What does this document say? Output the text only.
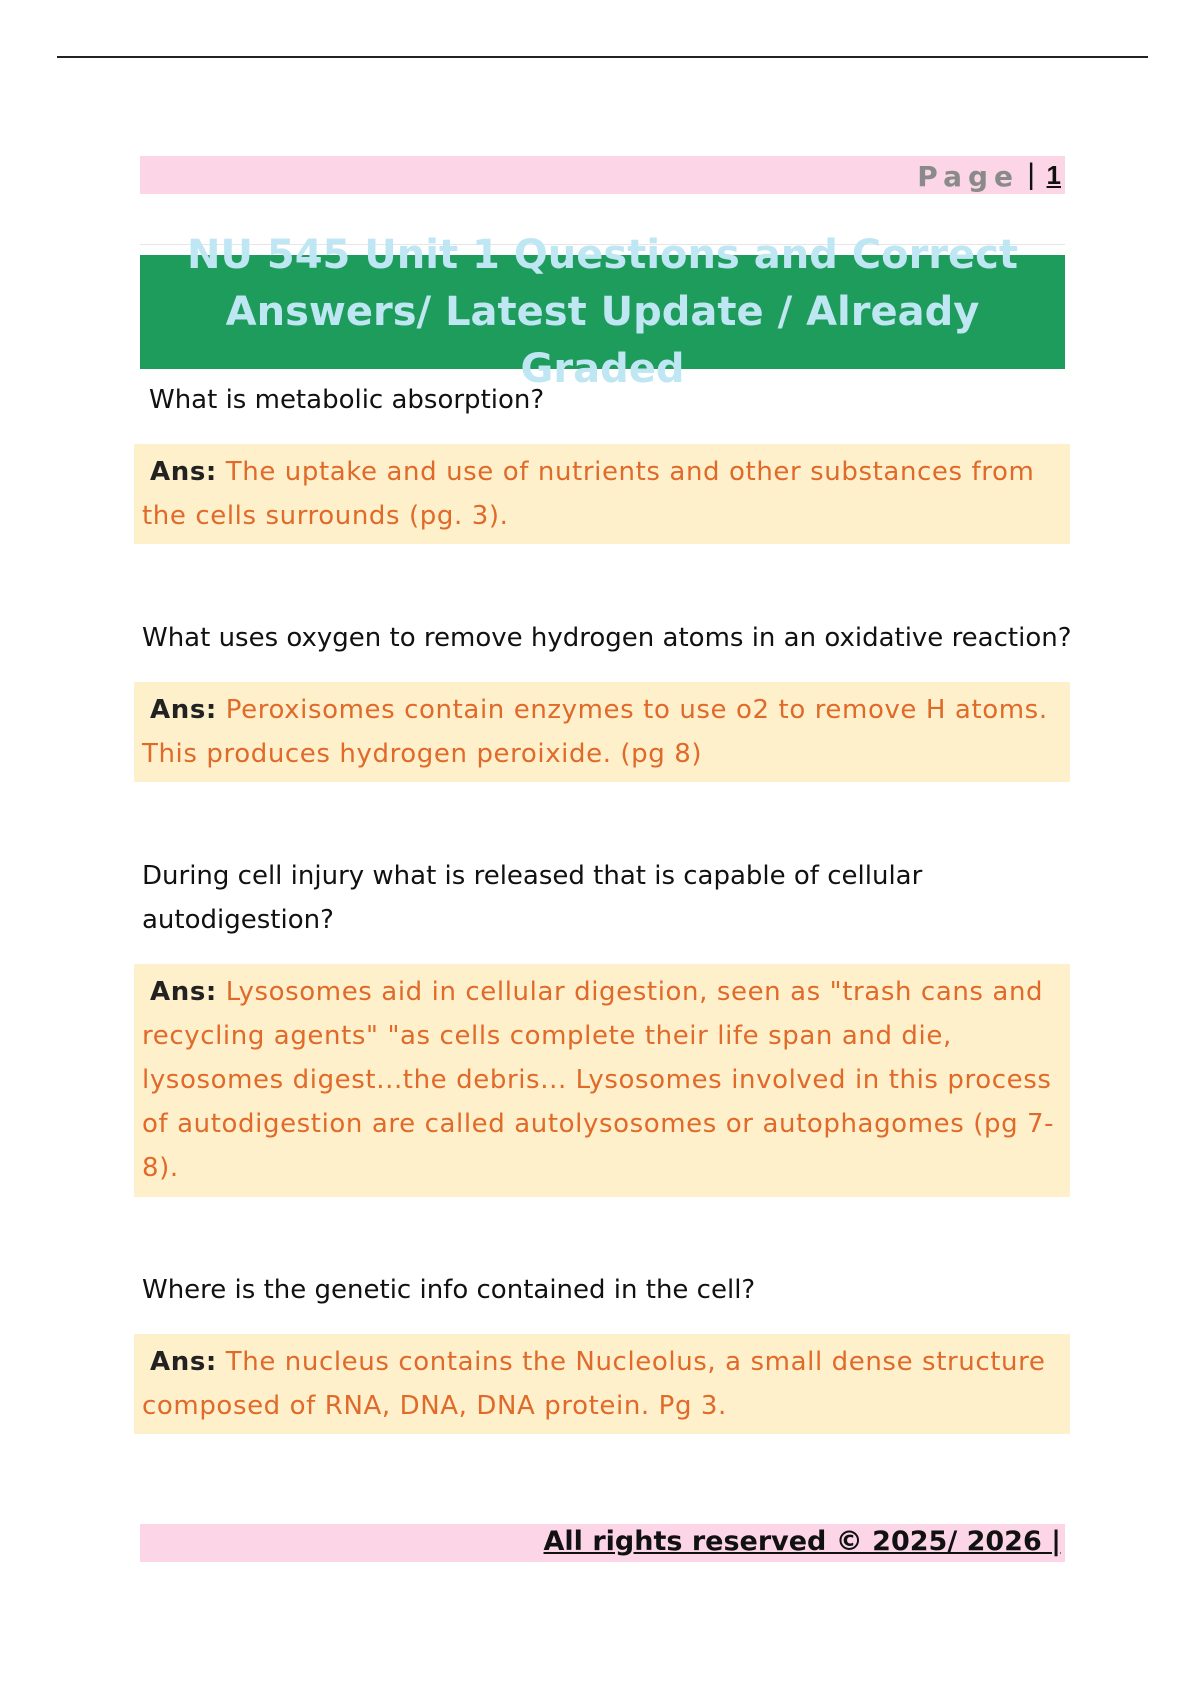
Page | 1
NU 545 Unit 1 Questions and Correct Answers/ Latest Update / Already Graded
What is metabolic absorption?
Ans: The uptake and use of nutrients and other substances from the cells surrounds (pg. 3).
What uses oxygen to remove hydrogen atoms in an oxidative reaction?
Ans: Peroxisomes contain enzymes to use o2 to remove H atoms. This produces hydrogen peroixide. (pg 8)
During cell injury what is released that is capable of cellular autodigestion?
Ans: Lysosomes aid in cellular digestion, seen as "trash cans and recycling agents" "as cells complete their life span and die, lysosomes digest...the debris... Lysosomes involved in this process of autodigestion are called autolysosomes or autophagomes (pg 7-8).
Where is the genetic info contained in the cell?
Ans: The nucleus contains the Nucleolus, a small dense structure composed of RNA, DNA, DNA protein. Pg 3.
All rights reserved © 2025/ 2026 |
